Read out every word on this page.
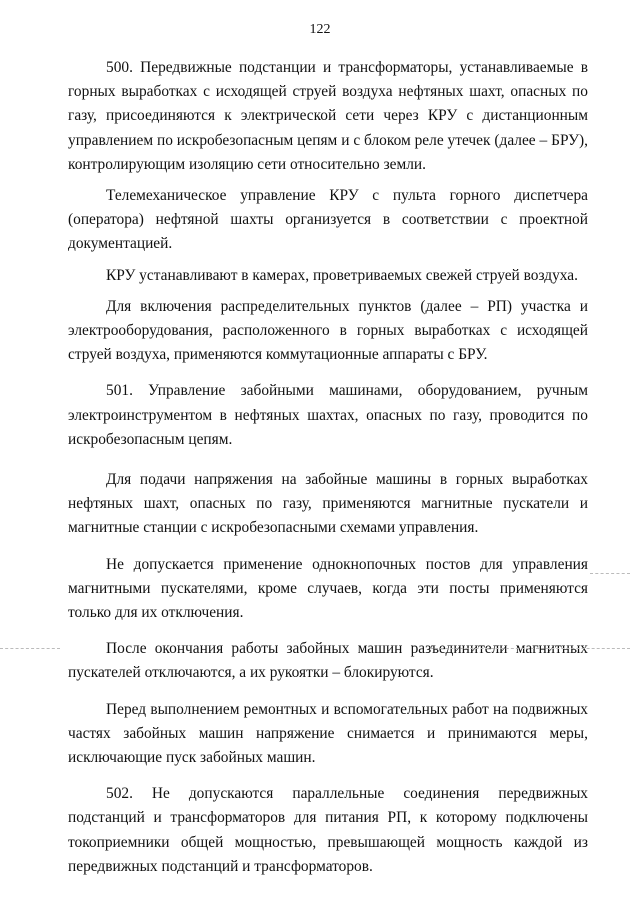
122

500. Передвижные подстанции и трансформаторы, устанавливаемые в горных выработках с исходящей струей воздуха нефтяных шахт, опасных по газу, присоединяются к электрической сети через КРУ с дистанционным управлением по искробезопасным цепям и с блоком реле утечек (далее – БРУ), контролирующим изоляцию сети относительно земли.

Телемеханическое управление КРУ с пульта горного диспетчера (оператора) нефтяной шахты организуется в соответствии с проектной документацией.

КРУ устанавливают в камерах, проветриваемых свежей струей воздуха.

Для включения распределительных пунктов (далее – РП) участка и электрооборудования, расположенного в горных выработках с исходящей струей воздуха, применяются коммутационные аппараты с БРУ.

501. Управление забойными машинами, оборудованием, ручным электроинструментом в нефтяных шахтах, опасных по газу, проводится по искробезопасным цепям.

Для подачи напряжения на забойные машины в горных выработках нефтяных шахт, опасных по газу, применяются магнитные пускатели и магнитные станции с искробезопасными схемами управления.

Не допускается применение однокнопочных постов для управления магнитными пускателями, кроме случаев, когда эти посты применяются только для их отключения.

После окончания работы забойных машин разъединители магнитных пускателей отключаются, а их рукоятки – блокируются.

Перед выполнением ремонтных и вспомогательных работ на подвижных частях забойных машин напряжение снимается и принимаются меры, исключающие пуск забойных машин.

502. Не допускаются параллельные соединения передвижных подстанций и трансформаторов для питания РП, к которому подключены токоприемники общей мощностью, превышающей мощность каждой из передвижных подстанций и трансформаторов.
